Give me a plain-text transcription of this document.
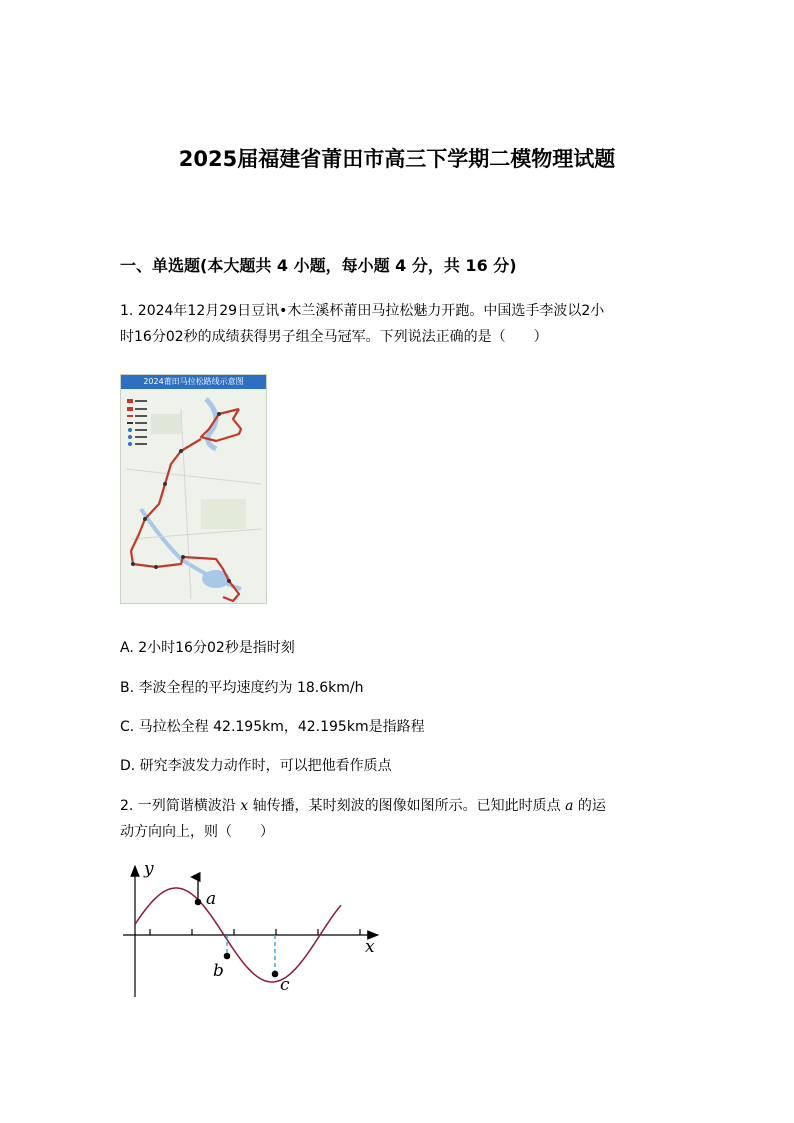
2025届福建省莆田市高三下学期二模物理试题
一、单选题(本大题共 4 小题，每小题 4 分，共 16 分)
1. 2024年12月29日豆讯•木兰溪杯莆田马拉松魅力开跑。中国选手李波以2小
时16分02秒的成绩获得男子组全马冠军。下列说法正确的是（　　）
2024莆田马拉松路线示意图
A. 2小时16分02秒是指时刻
B. 李波全程的平均速度约为 18.6km/h
C. 马拉松全程 42.195km，42.195km是指路程
D. 研究李波发力动作时，可以把他看作质点
2. 一列简谐横波沿 x 轴传播，某时刻波的图像如图所示。已知此时质点 a 的运
动方向向上，则（　　）
y
x
a
b
c
